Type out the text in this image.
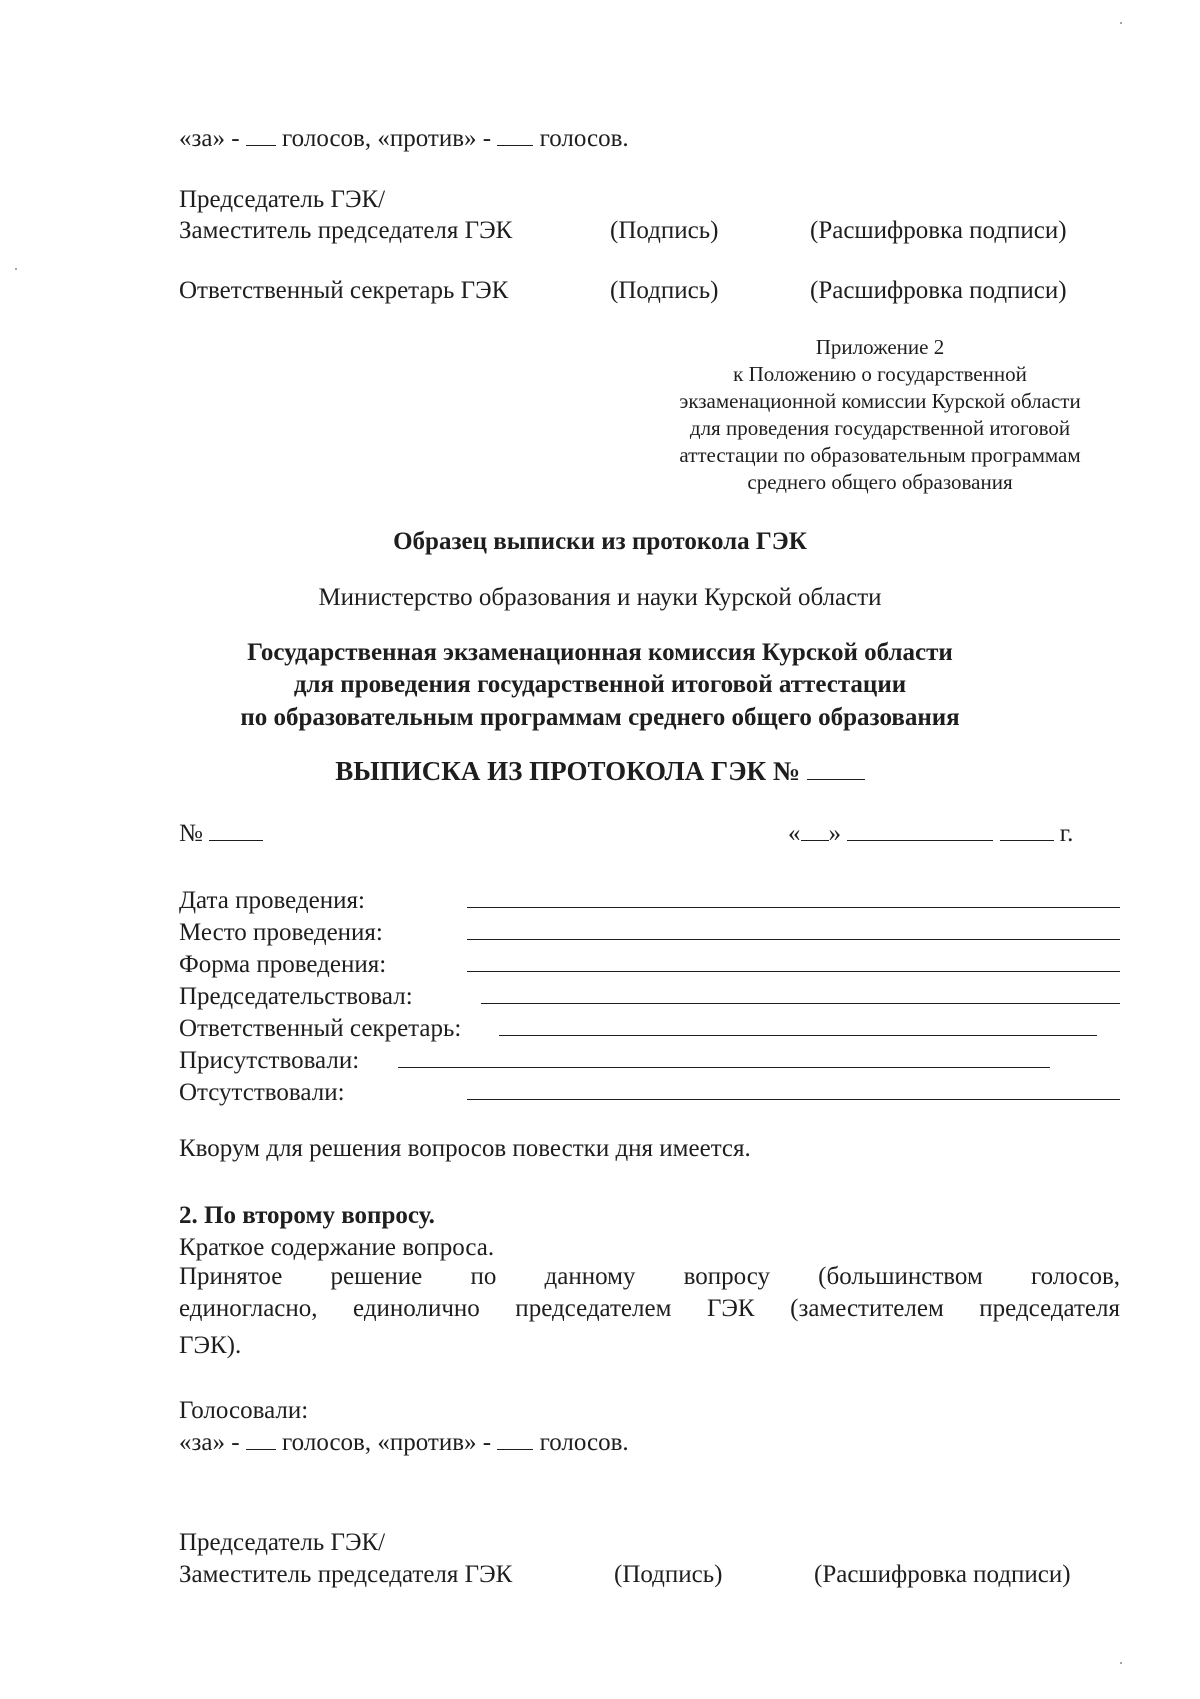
«за» - голосов, «против» - голосов.
Председатель ГЭК/
Заместитель председателя ГЭК	(Подпись)	(Расшифровка подписи)
Ответственный секретарь ГЭК	(Подпись)	(Расшифровка подписи)
Приложение 2
к Положению о государственной
экзаменационной комиссии Курской области
для проведения государственной итоговой
аттестации по образовательным программам
среднего общего образования
Образец выписки из протокола ГЭК
Министерство образования и науки Курской области
Государственная экзаменационная комиссия Курской области
для проведения государственной итоговой аттестации
по образовательным программам среднего общего образования
ВЫПИСКА ИЗ ПРОТОКОЛА ГЭК №
№	« »	г.
Дата проведения:
Место проведения:
Форма проведения:
Председательствовал:
Ответственный секретарь:
Присутствовали:
Отсутствовали:
Кворум для решения вопросов повестки дня имеется.
2. По второму вопросу.
Краткое содержание вопроса.
Принятое решение по данному вопросу (большинством голосов,
единогласно, единолично председателем ГЭК (заместителем председателя
ГЭК).
Голосовали:
«за» - голосов, «против» - голосов.
Председатель ГЭК/
Заместитель председателя ГЭК	(Подпись)	(Расшифровка подписи)
